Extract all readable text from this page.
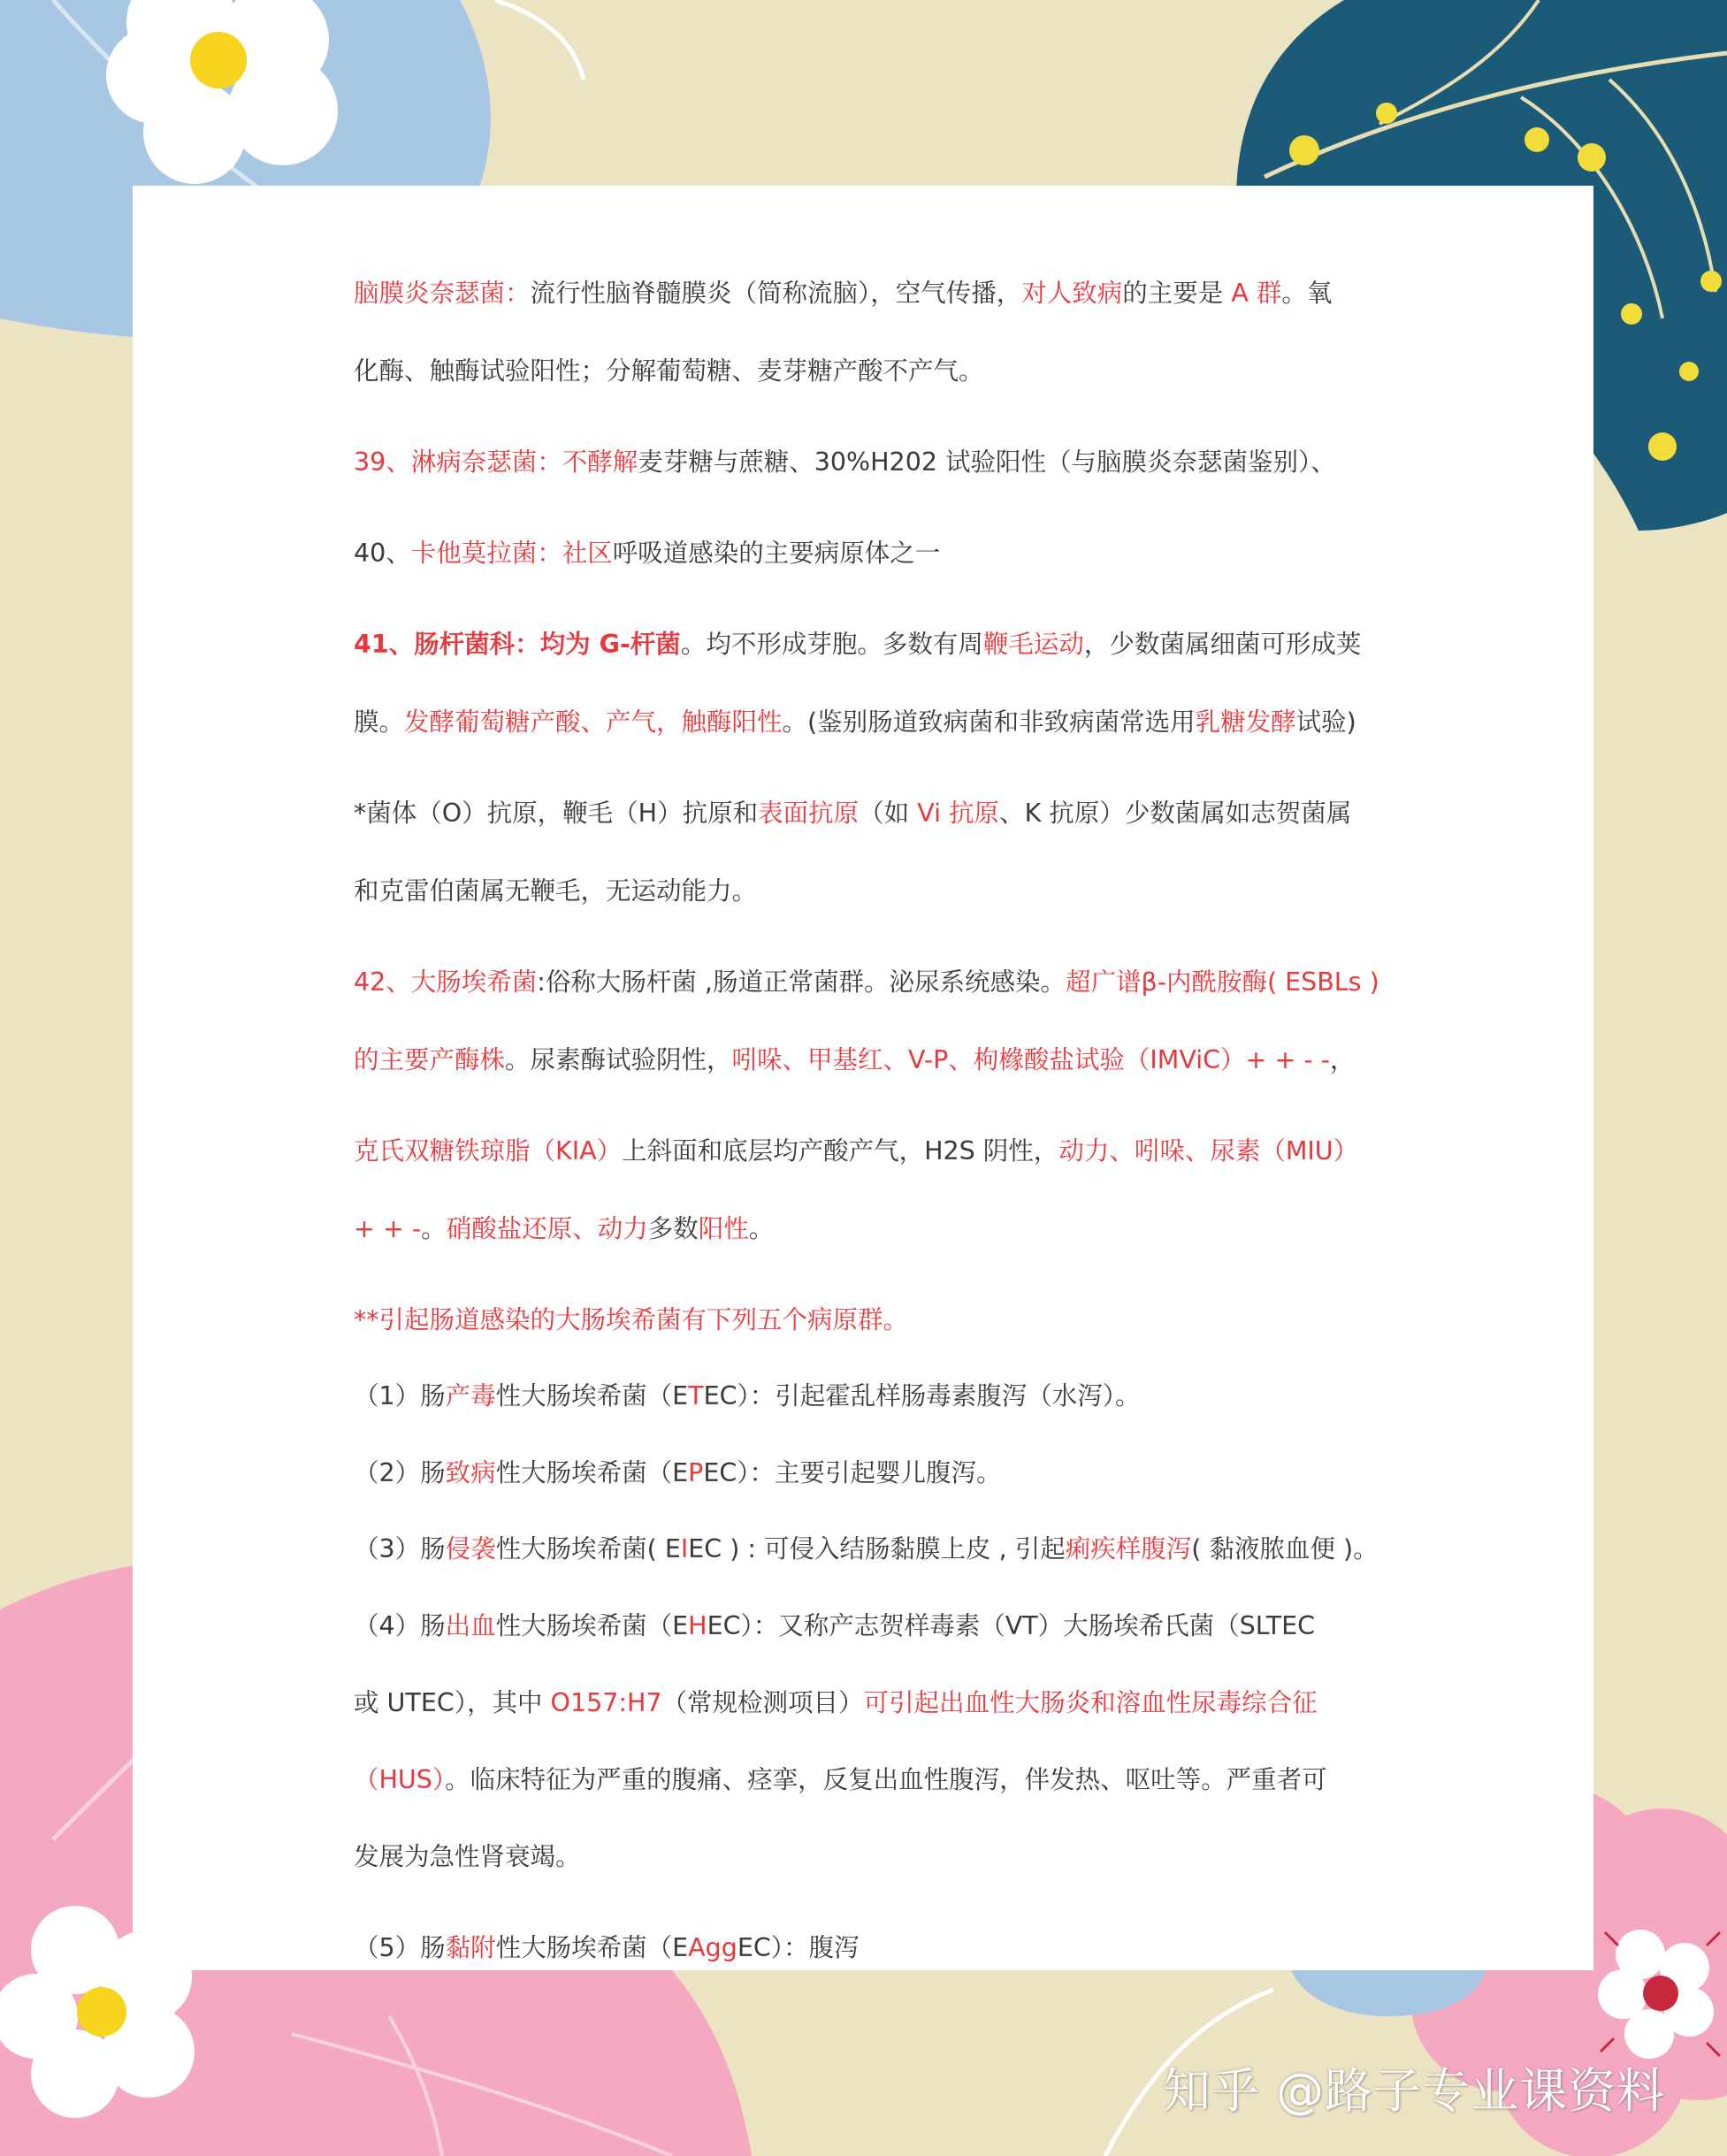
脑膜炎奈瑟菌：流行性脑脊髓膜炎（简称流脑），空气传播，对人致病的主要是 A 群。氧

化酶、触酶试验阳性；分解葡萄糖、麦芽糖产酸不产气。

39、淋病奈瑟菌：不酵解麦芽糖与蔗糖、30%H202 试验阳性（与脑膜炎奈瑟菌鉴别）、

40、卡他莫拉菌：社区呼吸道感染的主要病原体之一

41、肠杆菌科：均为 G-杆菌。均不形成芽胞。多数有周鞭毛运动，少数菌属细菌可形成荚

膜。发酵葡萄糖产酸、产气，触酶阳性。(鉴别肠道致病菌和非致病菌常选用乳糖发酵试验)

*菌体（O）抗原，鞭毛（H）抗原和表面抗原（如 Vi 抗原、K 抗原）少数菌属如志贺菌属

和克雷伯菌属无鞭毛，无运动能力。

42、大肠埃希菌:俗称大肠杆菌 ,肠道正常菌群。泌尿系统感染。超广谱β-内酰胺酶( ESBLs )

的主要产酶株。尿素酶试验阴性，吲哚、甲基红、V-P、枸橼酸盐试验（IMViC）+ + - -，

克氏双糖铁琼脂（KIA）上斜面和底层均产酸产气，H2S 阴性，动力、吲哚、尿素（MIU）

+ + -。硝酸盐还原、动力多数阳性。

**引起肠道感染的大肠埃希菌有下列五个病原群。

（1）肠产毒性大肠埃希菌（ETEC）：引起霍乱样肠毒素腹泻（水泻）。

（2）肠致病性大肠埃希菌（EPEC）：主要引起婴儿腹泻。

（3）肠侵袭性大肠埃希菌( EIEC ) : 可侵入结肠黏膜上皮 , 引起痢疾样腹泻( 黏液脓血便 )。

（4）肠出血性大肠埃希菌（EHEC）：又称产志贺样毒素（VT）大肠埃希氏菌（SLTEC

或 UTEC），其中 O157:H7（常规检测项目）可引起出血性大肠炎和溶血性尿毒综合征

（HUS）。临床特征为严重的腹痛、痉挛，反复出血性腹泻，伴发热、呕吐等。严重者可

发展为急性肾衰竭。

（5）肠黏附性大肠埃希菌（EAggEC）：腹泻

知乎 @路子专业课资料
